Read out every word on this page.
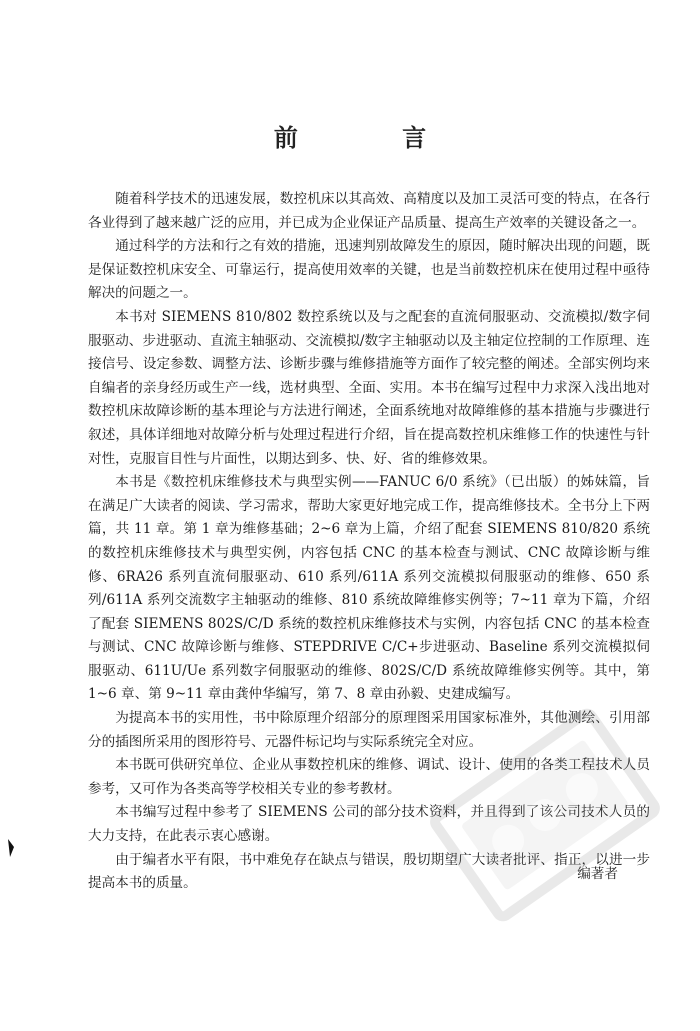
前 言

随着科学技术的迅速发展，数控机床以其高效、高精度以及加工灵活可变的特点，在各行各业得到了越来越广泛的应用，并已成为企业保证产品质量、提高生产效率的关键设备之一。

通过科学的方法和行之有效的措施，迅速判别故障发生的原因，随时解决出现的问题，既是保证数控机床安全、可靠运行，提高使用效率的关键，也是当前数控机床在使用过程中亟待解决的问题之一。

本书对 SIEMENS 810/802 数控系统以及与之配套的直流伺服驱动、交流模拟/数字伺服驱动、步进驱动、直流主轴驱动、交流模拟/数字主轴驱动以及主轴定位控制的工作原理、连接信号、设定参数、调整方法、诊断步骤与维修措施等方面作了较完整的阐述。全部实例均来自编者的亲身经历或生产一线，选材典型、全面、实用。本书在编写过程中力求深入浅出地对数控机床故障诊断的基本理论与方法进行阐述，全面系统地对故障维修的基本措施与步骤进行叙述，具体详细地对故障分析与处理过程进行介绍，旨在提高数控机床维修工作的快速性与针对性，克服盲目性与片面性，以期达到多、快、好、省的维修效果。

本书是《数控机床维修技术与典型实例——FANUC 6/0 系统》（已出版）的姊妹篇，旨在满足广大读者的阅读、学习需求，帮助大家更好地完成工作，提高维修技术。全书分上下两篇，共 11 章。第 1 章为维修基础；2~6 章为上篇，介绍了配套 SIEMENS 810/820 系统的数控机床维修技术与典型实例，内容包括 CNC 的基本检查与测试、CNC 故障诊断与维修、6RA26 系列直流伺服驱动、610 系列/611A 系列交流模拟伺服驱动的维修、650 系列/611A 系列交流数字主轴驱动的维修、810 系统故障维修实例等；7~11 章为下篇，介绍了配套 SIEMENS 802S/C/D 系统的数控机床维修技术与实例，内容包括 CNC 的基本检查与测试、CNC 故障诊断与维修、STEPDRIVE C/C+步进驱动、Baseline 系列交流模拟伺服驱动、611U/Ue 系列数字伺服驱动的维修、802S/C/D 系统故障维修实例等。其中，第 1~6 章、第 9~11 章由龚仲华编写，第 7、8 章由孙毅、史建成编写。

为提高本书的实用性，书中除原理介绍部分的原理图采用国家标准外，其他测绘、引用部分的插图所采用的图形符号、元器件标记均与实际系统完全对应。

本书既可供研究单位、企业从事数控机床的维修、调试、设计、使用的各类工程技术人员参考，又可作为各类高等学校相关专业的参考教材。

本书编写过程中参考了 SIEMENS 公司的部分技术资料，并且得到了该公司技术人员的大力支持，在此表示衷心感谢。

由于编者水平有限，书中难免存在缺点与错误，殷切期望广大读者批评、指正，以进一步提高本书的质量。

编著者
